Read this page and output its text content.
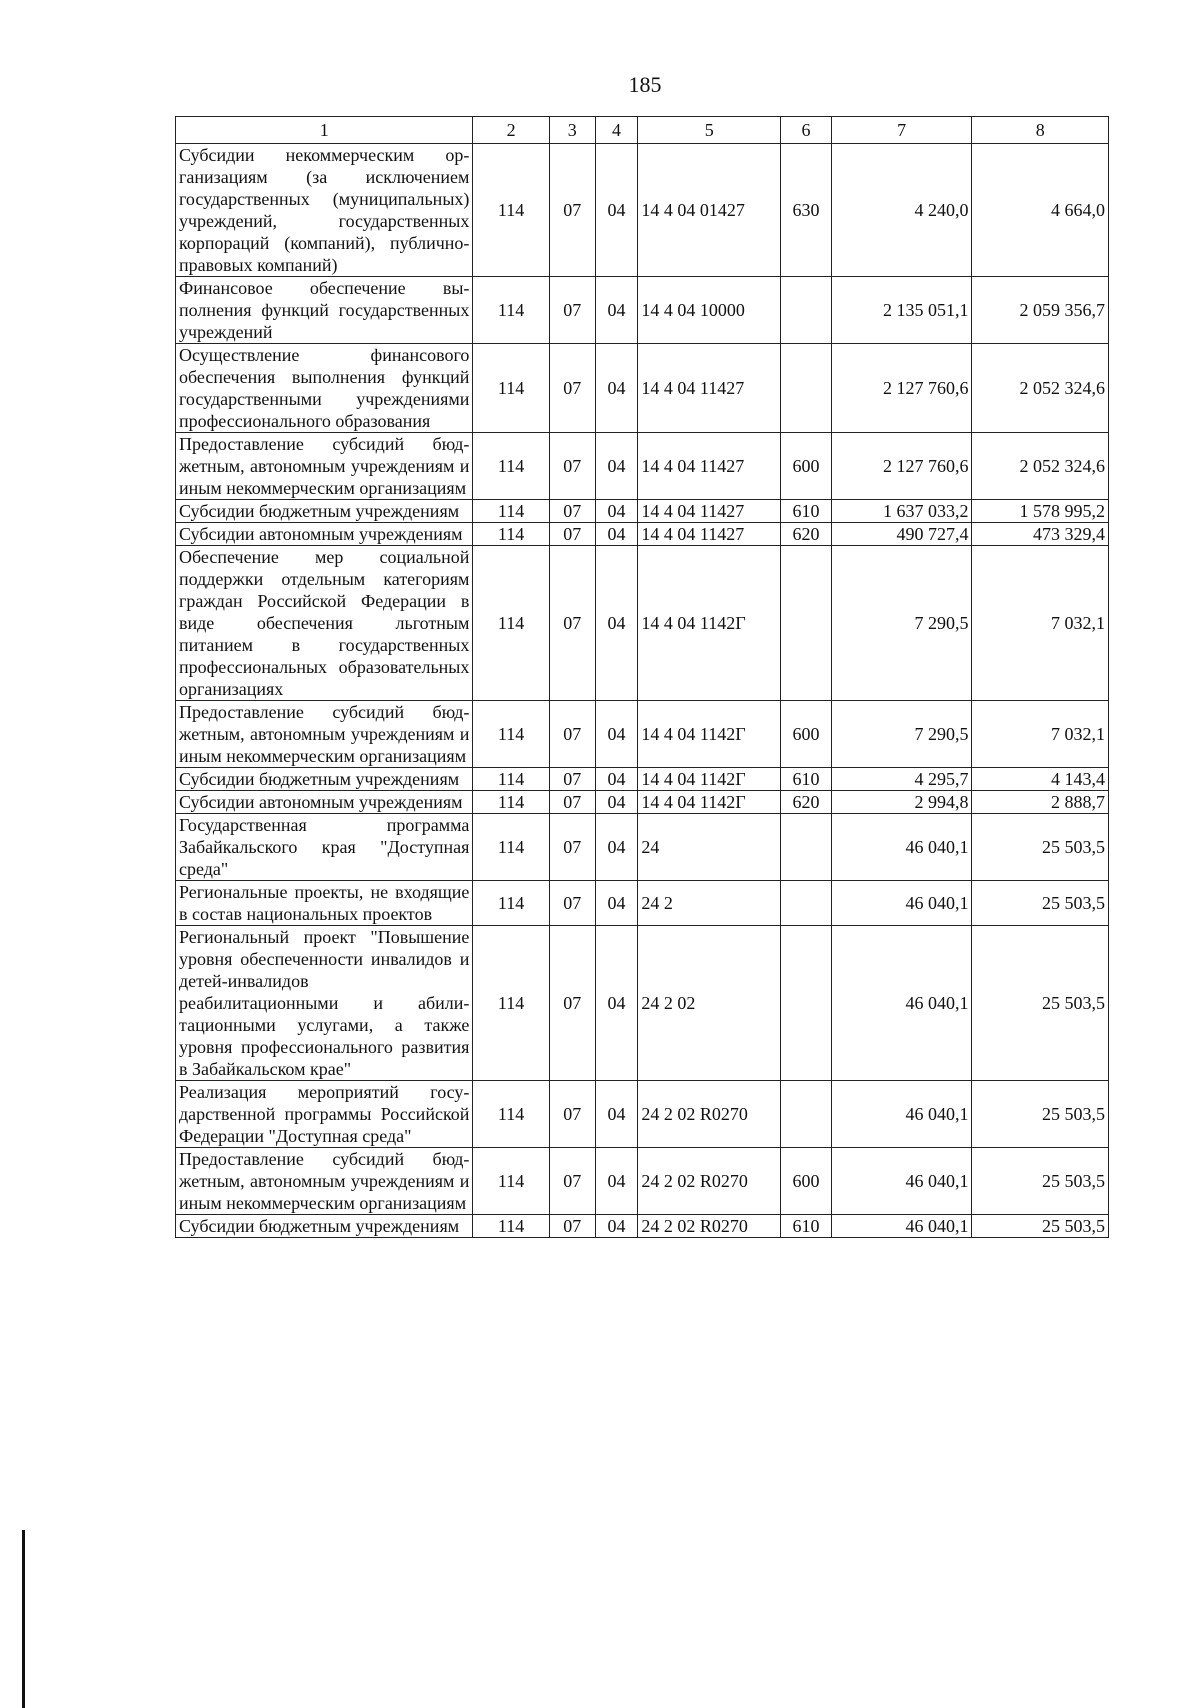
185
1	2	3	4	5	6	7	8
Субсидии некоммерческим организациям (за исключением государственных (муниципальных) учреждений, государственных корпораций (компаний), публично-правовых компаний)	114	07	04	14 4 04 01427	630	4 240,0	4 664,0
Финансовое обеспечение выполнения функций государственных учреждений	114	07	04	14 4 04 10000		2 135 051,1	2 059 356,7
Осуществление финансового обеспечения выполнения функций государственными учреждениями профессионального образования	114	07	04	14 4 04 11427		2 127 760,6	2 052 324,6
Предоставление субсидий бюджетным, автономным учреждениям и иным некоммерческим организациям	114	07	04	14 4 04 11427	600	2 127 760,6	2 052 324,6
Субсидии бюджетным учреждениям	114	07	04	14 4 04 11427	610	1 637 033,2	1 578 995,2
Субсидии автономным учреждениям	114	07	04	14 4 04 11427	620	490 727,4	473 329,4
Обеспечение мер социальной поддержки отдельным категориям граждан Российской Федерации в виде обеспечения льготным питанием в государственных профессиональных образовательных организациях	114	07	04	14 4 04 1142Г		7 290,5	7 032,1
Предоставление субсидий бюджетным, автономным учреждениям и иным некоммерческим организациям	114	07	04	14 4 04 1142Г	600	7 290,5	7 032,1
Субсидии бюджетным учреждениям	114	07	04	14 4 04 1142Г	610	4 295,7	4 143,4
Субсидии автономным учреждениям	114	07	04	14 4 04 1142Г	620	2 994,8	2 888,7
Государственная программа Забайкальского края "Доступная среда"	114	07	04	24		46 040,1	25 503,5
Региональные проекты, не входящие в состав национальных проектов	114	07	04	24 2		46 040,1	25 503,5
Региональный проект "Повышение уровня обеспеченности инвалидов и детей-инвалидов реабилитационными и абилитационными услугами, а также уровня профессионального развития в Забайкальском крае"	114	07	04	24 2 02		46 040,1	25 503,5
Реализация мероприятий государственной программы Российской Федерации "Доступная среда"	114	07	04	24 2 02 R0270		46 040,1	25 503,5
Предоставление субсидий бюджетным, автономным учреждениям и иным некоммерческим организациям	114	07	04	24 2 02 R0270	600	46 040,1	25 503,5
Субсидии бюджетным учреждениям	114	07	04	24 2 02 R0270	610	46 040,1	25 503,5
